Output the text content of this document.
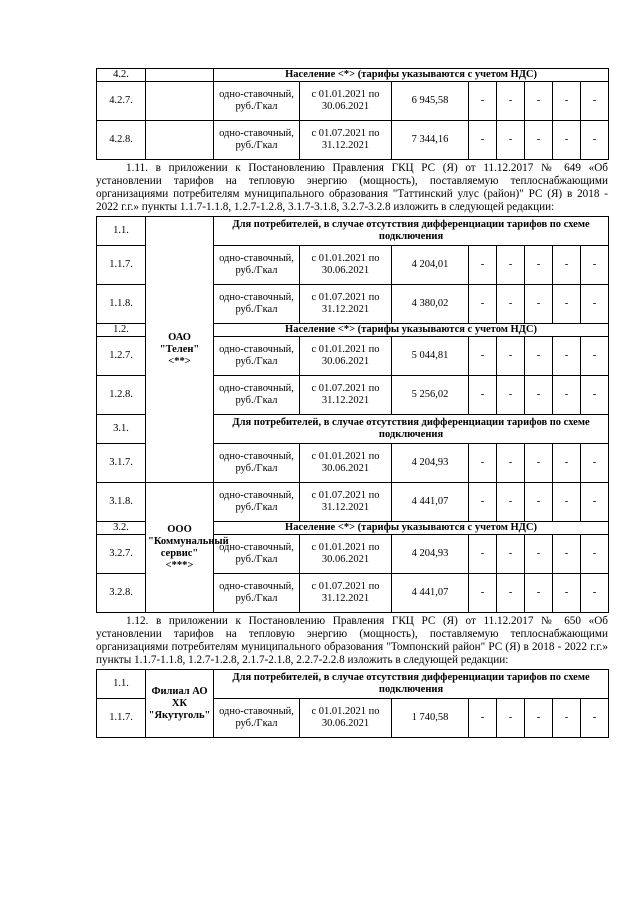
4.2.		Население <*> (тарифы указываются с учетом НДС)							
4.2.7.		одно-ставочный, руб./Гкал	с 01.01.2021 по 30.06.2021	6 945,58	-	-	-	-	-
4.2.8.		одно-ставочный, руб./Гкал	с 01.07.2021 по 31.12.2021	7 344,16	-	-	-	-	-

1.11. в приложении к Постановлению Правления ГКЦ РС (Я) от 11.12.2017 № 649 «Об установлении тарифов на тепловую энергию (мощность), поставляемую теплоснабжающими организациями потребителям муниципального образования "Таттинский улус (район)" РС (Я) в 2018 - 2022 г.г.» пункты 1.1.7-1.1.8, 1.2.7-1.2.8, 3.1.7-3.1.8, 3.2.7-3.2.8 изложить в следующей редакции:

1.1.	ОАО "Телен" <**>	Для потребителей, в случае отсутствия дифференциации тарифов по схеме подключения							
1.1.7.		одно-ставочный, руб./Гкал	с 01.01.2021 по 30.06.2021	4 204,01	-	-	-	-	-
1.1.8.		одно-ставочный, руб./Гкал	с 01.07.2021 по 31.12.2021	4 380,02	-	-	-	-	-
1.2.		Население <*> (тарифы указываются с учетом НДС)							
1.2.7.		одно-ставочный, руб./Гкал	с 01.01.2021 по 30.06.2021	5 044,81	-	-	-	-	-
1.2.8.		одно-ставочный, руб./Гкал	с 01.07.2021 по 31.12.2021	5 256,02	-	-	-	-	-
3.1.		Для потребителей, в случае отсутствия дифференциации тарифов по схеме подключения							
3.1.7.		одно-ставочный, руб./Гкал	с 01.01.2021 по 30.06.2021	4 204,93	-	-	-	-	-
3.1.8.	ООО "Коммунальный сервис" <***>	одно-ставочный, руб./Гкал	с 01.07.2021 по 31.12.2021	4 441,07	-	-	-	-	-
3.2.		Население <*> (тарифы указываются с учетом НДС)							
3.2.7.		одно-ставочный, руб./Гкал	с 01.01.2021 по 30.06.2021	4 204,93	-	-	-	-	-
3.2.8.		одно-ставочный, руб./Гкал	с 01.07.2021 по 31.12.2021	4 441,07	-	-	-	-	-

1.12. в приложении к Постановлению Правления ГКЦ РС (Я) от 11.12.2017 № 650 «Об установлении тарифов на тепловую энергию (мощность), поставляемую теплоснабжающими организациями потребителям муниципального образования "Томпонский район" РС (Я) в 2018 - 2022 г.г.» пункты 1.1.7-1.1.8, 1.2.7-1.2.8, 2.1.7-2.1.8, 2.2.7-2.2.8 изложить в следующей редакции:

1.1.	Филиал АО ХК "Якутуголь"	Для потребителей, в случае отсутствия дифференциации тарифов по схеме подключения							
1.1.7.		одно-ставочный, руб./Гкал	с 01.01.2021 по 30.06.2021	1 740,58	-	-	-	-	-
